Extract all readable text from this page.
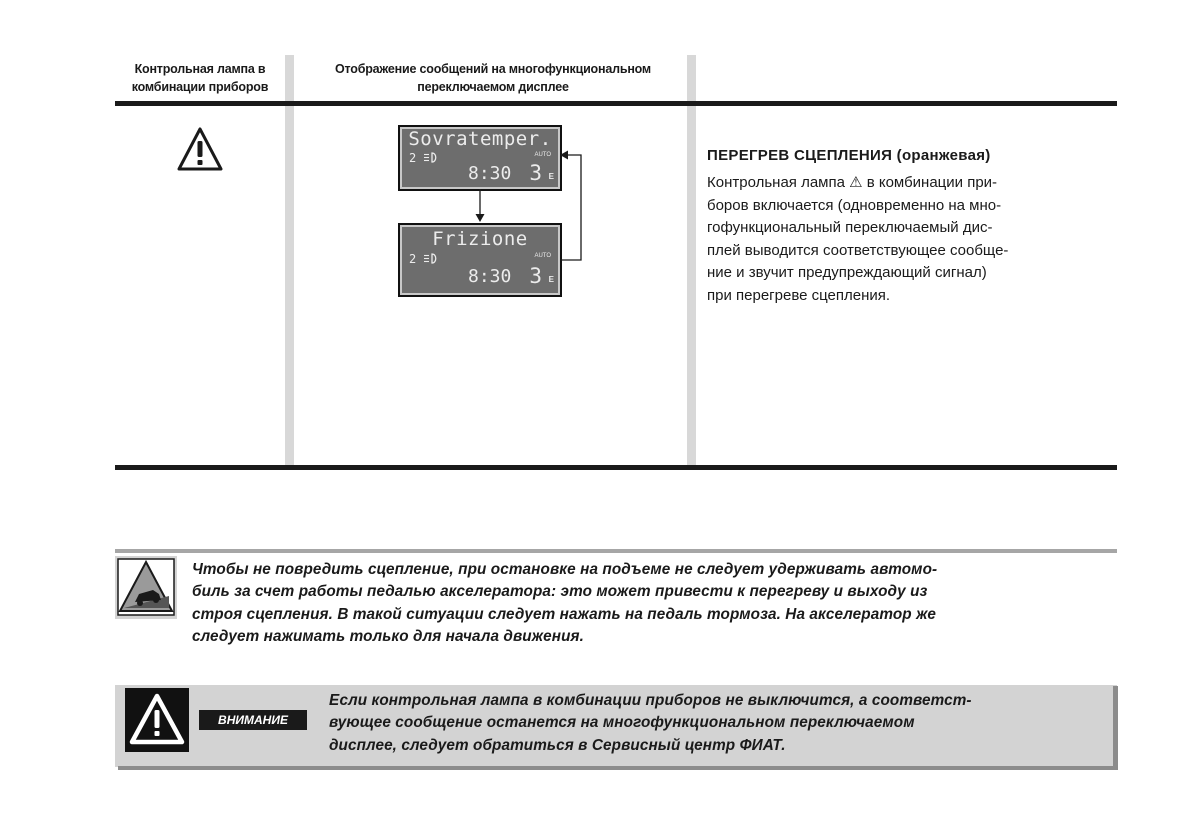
Контрольная лампа в комбинации приборов
Отображение сообщений на многофункциональном переключаемом дисплее
Sovratemper.
2	AUTO
8:30 3 E
Frizione
2	AUTO
8:30 3 E
ПЕРЕГРЕВ СЦЕПЛЕНИЯ (оранжевая)
Контрольная лампа ⚠ в комбинации при-
боров включается (одновременно на мно-
гофункциональный переключаемый дис-
плей выводится соответствующее сообще-
ние и звучит предупреждающий сигнал)
при перегреве сцепления.
Чтобы не повредить сцепление, при остановке на подъеме не следует удерживать автомо-
биль за счет работы педалью акселератора: это может привести к перегреву и выходу из
строя сцепления. В такой ситуации следует нажать на педаль тормоза. На акселератор же
следует нажимать только для начала движения.
ВНИМАНИЕ
Если контрольная лампа в комбинации приборов не выключится, а соответст-
вующее сообщение останется на многофункциональном переключаемом
дисплее, следует обратиться в Сервисный центр ФИАТ.
